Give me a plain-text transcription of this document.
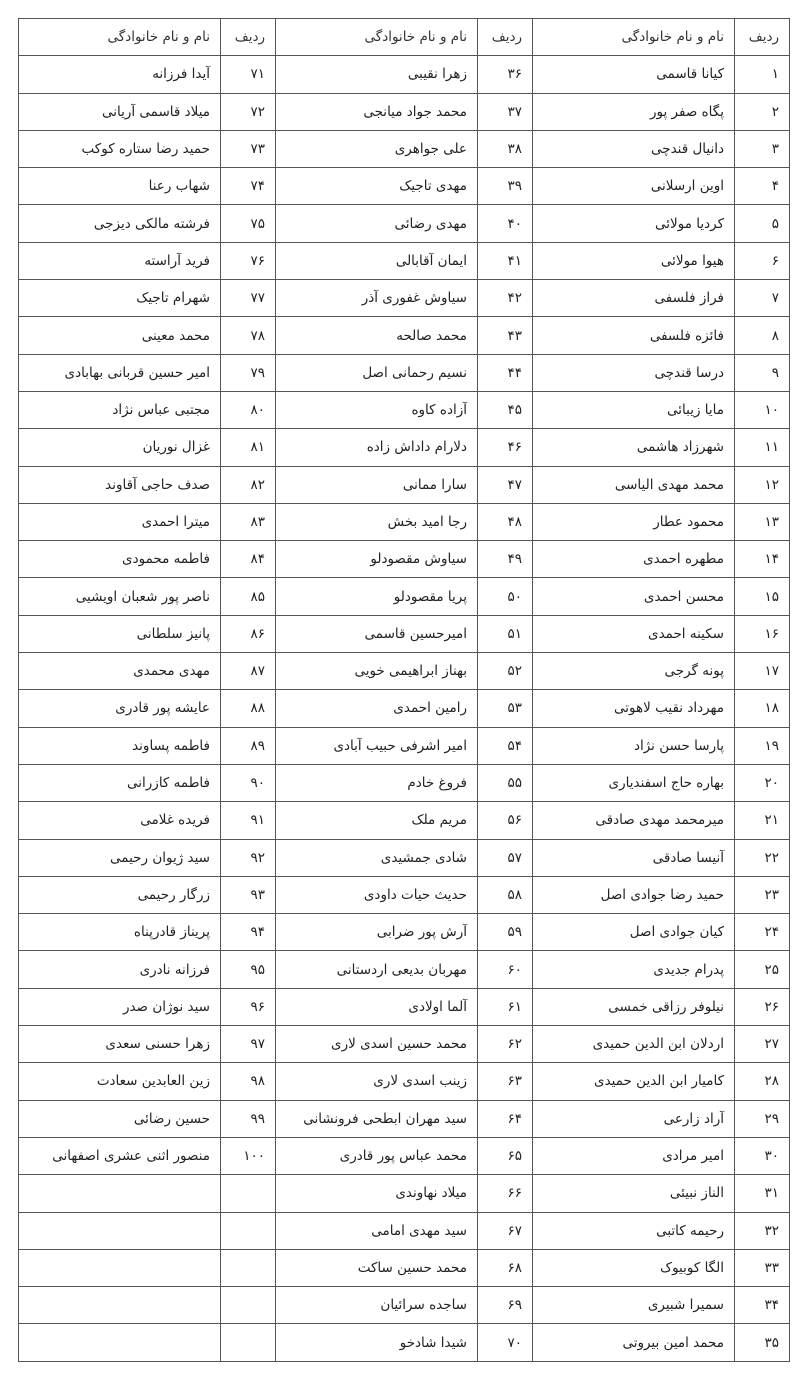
ردیف	نام و نام خانوادگی	ردیف	نام و نام خانوادگی	ردیف	نام و نام خانوادگی
۱	کیانا قاسمی	۳۶	زهرا نقیبی	۷۱	آیدا فرزانه
۲	پگاه صفر پور	۳۷	محمد جواد میانجی	۷۲	میلاد قاسمی آریانی
۳	دانیال قندچی	۳۸	علی جواهری	۷۳	حمید رضا ستاره کوکب
۴	اوین ارسلانی	۳۹	مهدی تاجیک	۷۴	شهاب رعنا
۵	کردیا مولائی	۴۰	مهدی رضائی	۷۵	فرشته مالکی دیزجی
۶	هیوا مولائی	۴۱	ایمان آقابالی	۷۶	فرید آراسته
۷	فراز فلسفی	۴۲	سیاوش غفوری آذر	۷۷	شهرام تاجیک
۸	فائزه فلسفی	۴۳	محمد صالحه	۷۸	محمد معینی
۹	درسا قندچی	۴۴	نسیم رحمانی اصل	۷۹	امیر حسین قربانی بهابادی
۱۰	مایا زیبائی	۴۵	آزاده کاوه	۸۰	مجتبی عباس نژاد
۱۱	شهرزاد هاشمی	۴۶	دلارام داداش زاده	۸۱	غزال نوریان
۱۲	محمد مهدی الیاسی	۴۷	سارا ممانی	۸۲	صدف حاجی آقاوند
۱۳	محمود عطار	۴۸	رجا امید بخش	۸۳	میترا احمدی
۱۴	مطهره احمدی	۴۹	سیاوش مقصودلو	۸۴	فاطمه محمودی
۱۵	محسن احمدی	۵۰	پریا مقصودلو	۸۵	ناصر پور شعبان اویشیی
۱۶	سکینه احمدی	۵۱	امیرحسین قاسمی	۸۶	پانیز سلطانی
۱۷	پونه گرجی	۵۲	بهناز ابراهیمی خویی	۸۷	مهدی محمدی
۱۸	مهرداد نقیب لاهوتی	۵۳	رامین احمدی	۸۸	عایشه پور قادری
۱۹	پارسا حسن نژاد	۵۴	امیر اشرفی حبیب آبادی	۸۹	فاطمه پساوند
۲۰	بهاره حاج اسفندیاری	۵۵	فروغ خادم	۹۰	فاطمه کازرانی
۲۱	میرمحمد مهدی صادقی	۵۶	مریم ملک	۹۱	فریده غلامی
۲۲	آنیسا صادقی	۵۷	شادی جمشیدی	۹۲	سید ژیوان رحیمی
۲۳	حمید رضا جوادی اصل	۵۸	حدیث حیات داودی	۹۳	زرگار رحیمی
۲۴	کیان جوادی اصل	۵۹	آرش پور ضرابی	۹۴	پریناز قادرپناه
۲۵	پدرام جدیدی	۶۰	مهربان بدیعی اردستانی	۹۵	فرزانه نادری
۲۶	نیلوفر رزاقی خمسی	۶۱	آلما اولادی	۹۶	سید نوژان صدر
۲۷	اردلان ابن الدین حمیدی	۶۲	محمد حسین اسدی لاری	۹۷	زهرا حسنی سعدی
۲۸	کامیار ابن الدین حمیدی	۶۳	زینب اسدی لاری	۹۸	زین العابدین سعادت
۲۹	آراد زارعی	۶۴	سید مهران ابطحی فرونشانی	۹۹	حسین رضائی
۳۰	امیر مرادی	۶۵	محمد عباس پور قادری	۱۰۰	منصور اثنی عشری اصفهانی
۳۱	الناز نبیئی	۶۶	میلاد نهاوندی		
۳۲	رحیمه کاتبی	۶۷	سید مهدی امامی		
۳۳	الگا کوبیوک	۶۸	محمد حسین ساکت		
۳۴	سمیرا شبیری	۶۹	ساجده سرائیان		
۳۵	محمد امین بیروتی	۷۰	شیدا شادخو		
